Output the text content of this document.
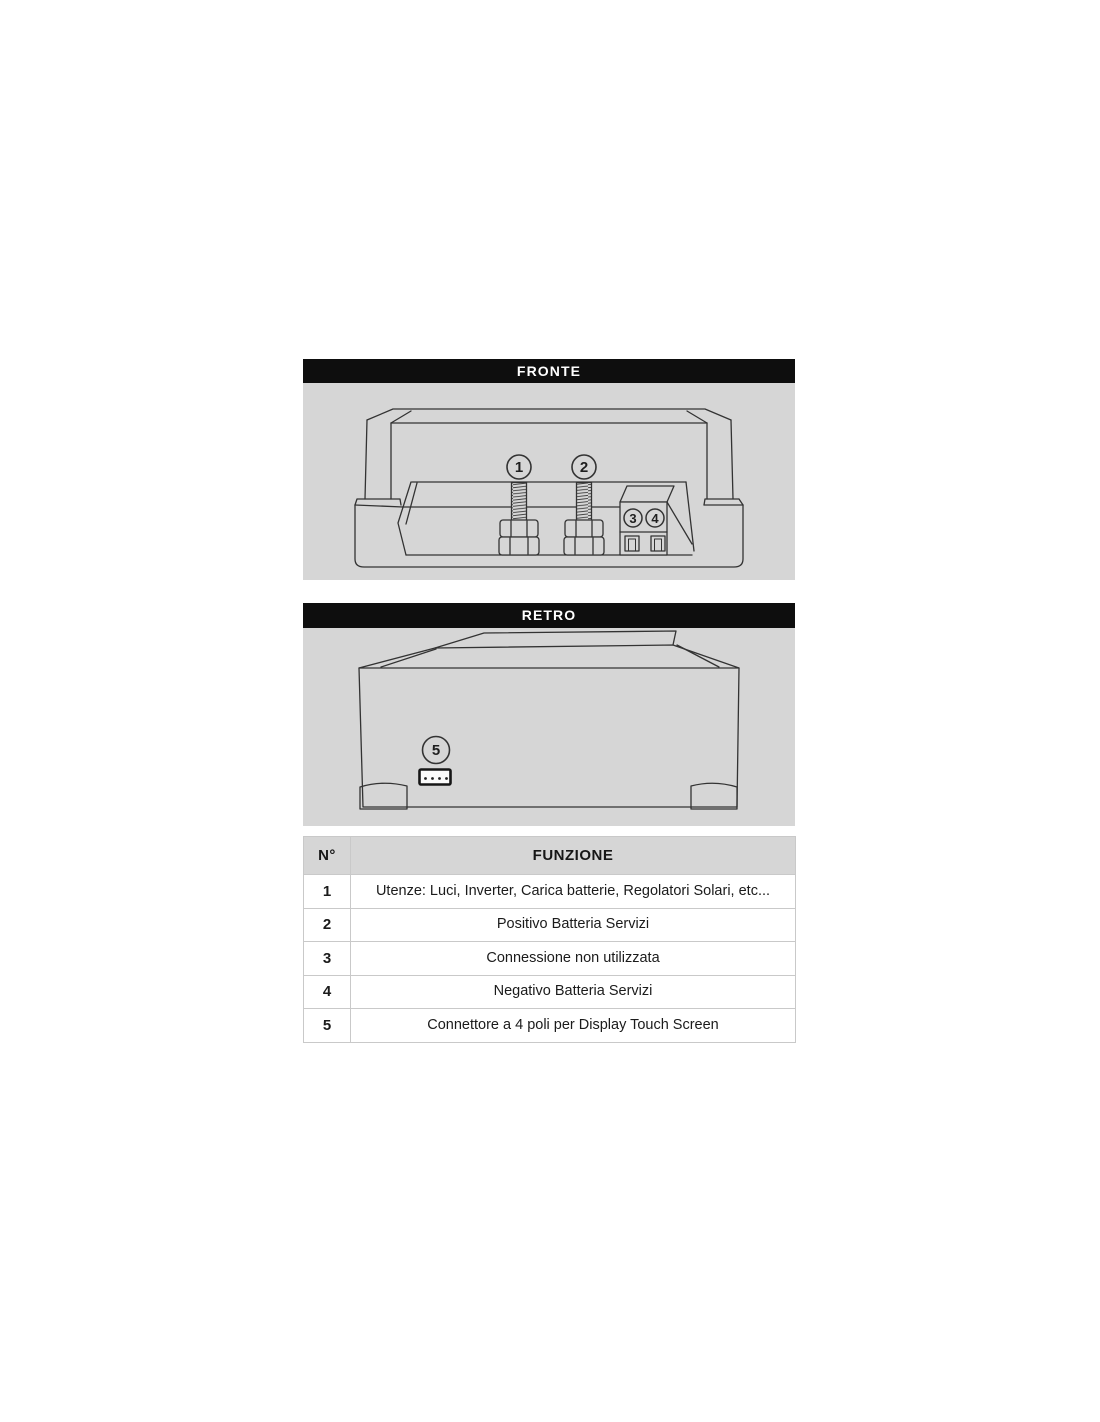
FRONTE
1	2
3 4
RETRO
5
N°	FUNZIONE
1	Utenze: Luci, Inverter, Carica batterie, Regolatori Solari, etc...
2	Positivo Batteria Servizi
3	Connessione non utilizzata
4	Negativo Batteria Servizi
5	Connettore a 4 poli per Display Touch Screen
